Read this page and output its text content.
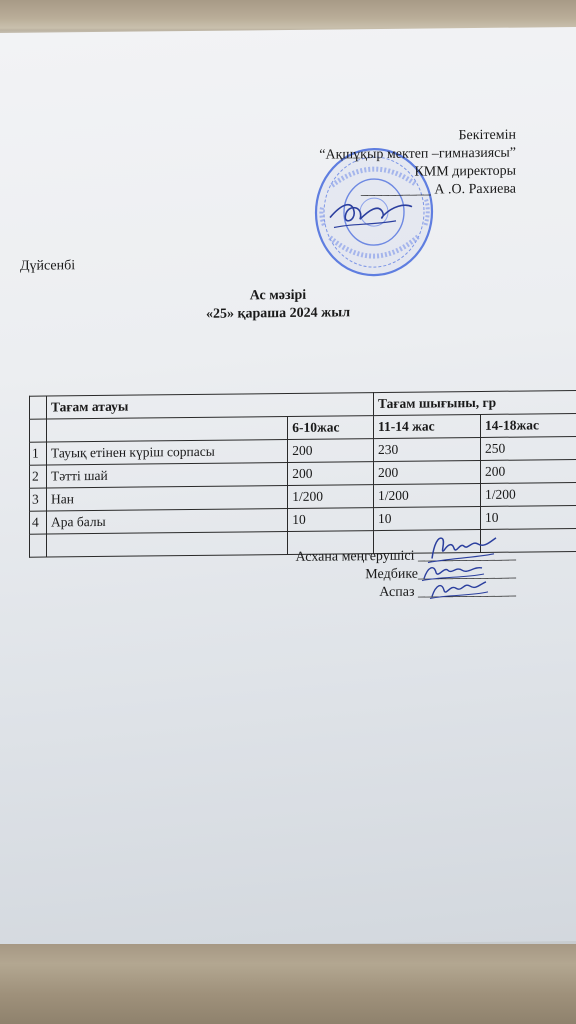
Бекітемін
“Ақшұқыр мектеп –гимназиясы”
КММ директоры
__________ А .О. Рахиева
Дүйсенбі
Ас мәзірі
«25» қараша 2024 жыл
	Тағам атауы		Тағам шығыны, гр	
		6-10жас	11-14 жас	14-18жас
1	Тауық етінен күріш сорпасы	200	230	250
2	Тәтті шай	200	200	200
3	Нан	1/200	1/200	1/200
4	Ара балы	10	10	10

Асхана меңгерушісі ______________
Медбике______________
Аспаз ______________
